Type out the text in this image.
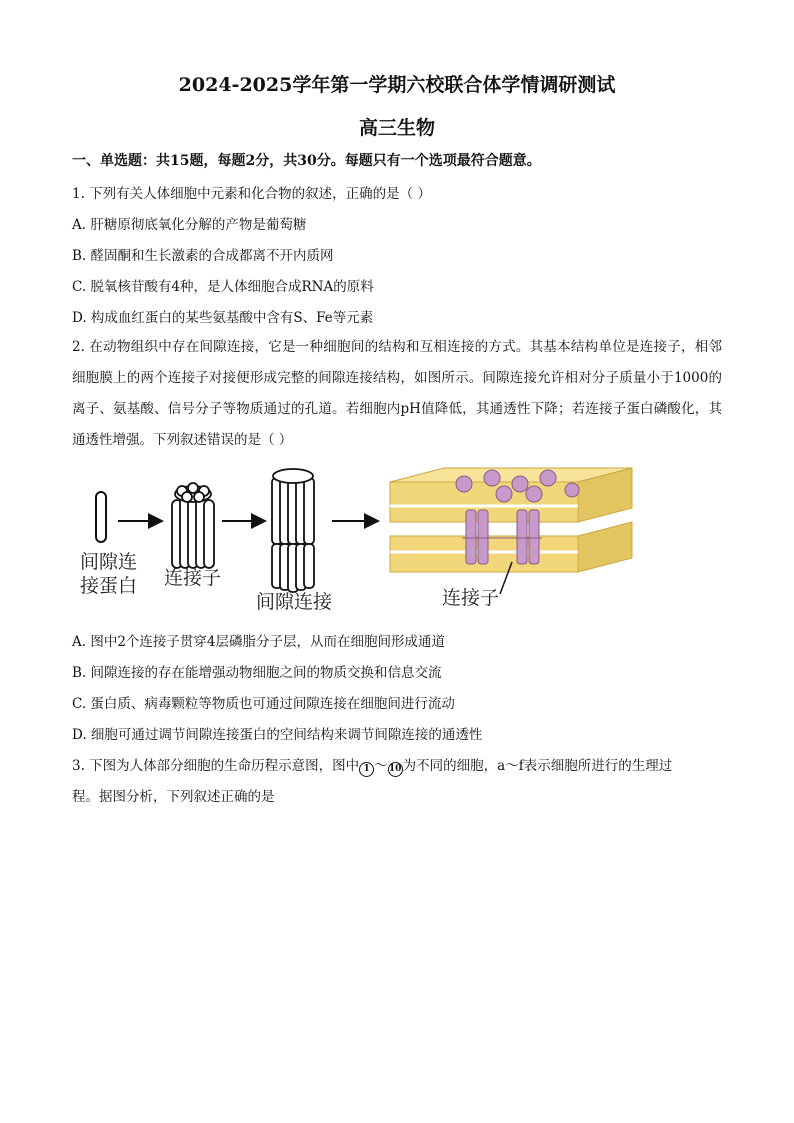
2024-2025学年第一学期六校联合体学情调研测试
高三生物
一、单选题：共15题，每题2分，共30分。每题只有一个选项最符合题意。
1. 下列有关人体细胞中元素和化合物的叙述，正确的是（ ）
A. 肝糖原彻底氧化分解的产物是葡萄糖
B. 醛固酮和生长激素的合成都离不开内质网
C. 脱氧核苷酸有4种，是人体细胞合成RNA的原料
D. 构成血红蛋白的某些氨基酸中含有S、Fe等元素
2. 在动物组织中存在间隙连接，它是一种细胞间的结构和互相连接的方式。其基本结构单位是连接子，相邻细胞膜上的两个连接子对接便形成完整的间隙连接结构，如图所示。间隙连接允许相对分子质量小于1000的离子、氨基酸、信号分子等物质通过的孔道。若细胞内pH值降低，其通透性下降；若连接子蛋白磷酸化，其通透性增强。下列叙述错误的是（ ）
间隙连
接蛋白 连接子
间隙连接	连接子
A. 图中2个连接子贯穿4层磷脂分子层，从而在细胞间形成通道
B. 间隙连接的存在能增强动物细胞之间的物质交换和信息交流
C. 蛋白质、病毒颗粒等物质也可通过间隙连接在细胞间进行流动
D. 细胞可通过调节间隙连接蛋白的空间结构来调节间隙连接的通透性
3. 下图为人体部分细胞的生命历程示意图，图中 1 ～10为不同的细胞，a～f表示细胞所进行的生理过
程。据图分析，下列叙述正确的是
